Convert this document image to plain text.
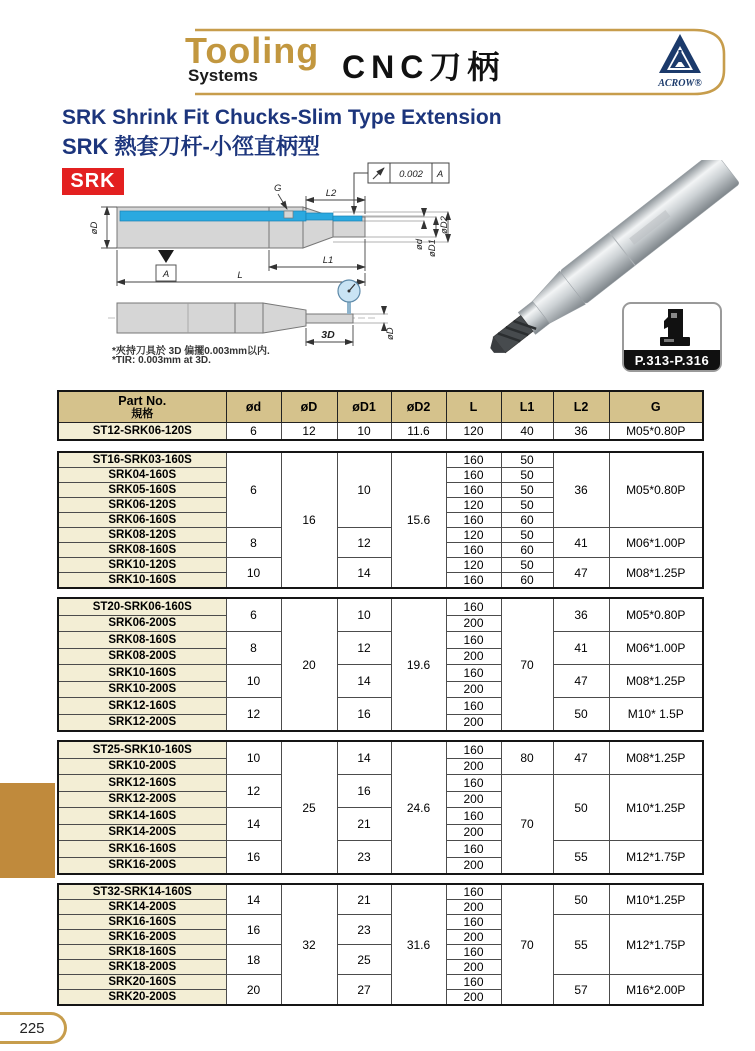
Tooling
Systems	CNC刀柄	ACROW®
SRK Shrink Fit Chucks-Slim Type Extension
SRK 熱套刀杆-小徑直柄型
SRK	0.002 A
øD
G	L2
ød øD1
øD2
A
L1
L
3D	øD
*夾持刀具於 3D 偏擺0.003mm以内.
*TIR: 0.003mm at 3D.	P.313-P.316
Part No.
規格	ød	øD	øD1	øD2	L	L1	L2	G
ST12-SRK06-120S	6	12	10	11.6	120	40	36	M05*0.80P
ST16-SRK03-160S	6	16	10	15.6	160	50	36	M05*0.80P
SRK04-160S					160	50		
SRK05-160S					160	50		
SRK06-120S					120	50		
SRK06-160S					160	60		
SRK08-120S	8		12		120	50	41	M06*1.00P
SRK08-160S					160	60		
SRK10-120S	10		14		120	50	47	M08*1.25P
SRK10-160S					160	60		
ST20-SRK06-160S	6	20	10	19.6	160	70	36	M05*0.80P
SRK06-200S					200			
SRK08-160S	8		12		160		41	M06*1.00P
SRK08-200S					200			
SRK10-160S	10		14		160		47	M08*1.25P
SRK10-200S					200			
SRK12-160S	12		16		160		50	M10* 1.5P
SRK12-200S					200			
ST25-SRK10-160S	10	25	14	24.6	160	80	47	M08*1.25P
SRK10-200S					200			
SRK12-160S	12		16		160	70	50	M10*1.25P
SRK12-200S					200			
SRK14-160S	14		21		160			
SRK14-200S					200			
SRK16-160S	16		23		160		55	M12*1.75P
SRK16-200S					200			
ST32-SRK14-160S	14	32	21	31.6	160	70	50	M10*1.25P
SRK14-200S					200			
SRK16-160S	16		23		160		55	M12*1.75P
SRK16-200S					200			
SRK18-160S	18		25		160			
SRK18-200S					200			
SRK20-160S	20		27		160		57	M16*2.00P
SRK20-200S					200			
225
